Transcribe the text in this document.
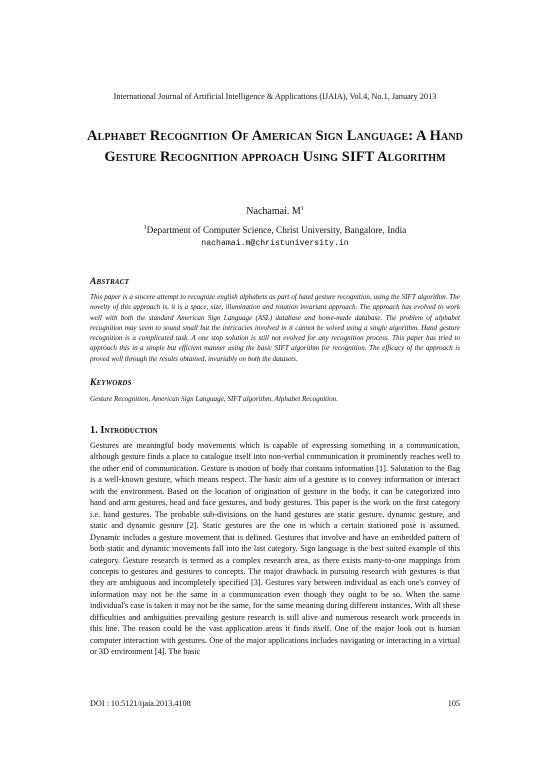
International Journal of Artificial Intelligence & Applications (IJAIA), Vol.4, No.1, January 2013
Alphabet Recognition Of American Sign Language: A Hand Gesture Recognition approach Using SIFT Algorithm
Nachamai. $M^1$
$^1$Department of Computer Science, Christ University, Bangalore, India
nachamai.m@christuniversity.in
Abstract
This paper is a sincere attempt to recognize english alphabets as part of hand gesture recognition, using the SIFT algorithm. The novelty of this approach is, it is a space, size, illumination and rotation invariant approach. The approach has evolved to work well with both the standard American Sign Language (ASL) database and home-made database. The problem of alphabet recognition may seem to sound small but the intricacies involved in it cannot be solved using a single algorithm. Hand gesture recognition is a complicated task. A one stop solution is still not evolved for any recognition process. This paper has tried to approach this in a simple but efficient manner using the basic SIFT algorithm for recognition. The efficacy of the approach is proved well through the results obtained, invariably on both the datasets.
Keywords
Gesture Recognition, American Sign Language, SIFT algorithm, Alphabet Recognition.
1. Introduction
Gestures are meaningful body movements which is capable of expressing something in a communication, although gesture finds a place to catalogue itself into non-verbal communication it prominently reaches well to the other end of communication. Gesture is motion of body that contains information [1]. Salutation to the flag is a well-known gesture, which means respect. The basic aim of a gesture is to convey information or interact with the environment. Based on the location of origination of gesture in the body, it can be categorized into hand and arm gestures, head and face gestures, and body gestures. This paper is the work on the first category i.e. hand gestures. The probable sub-divisions on the hand gestures are static gesture, dynamic gesture, and static and dynamic gesture [2]. Static gestures are the one in which a certain stationed pose is assumed. Dynamic includes a gesture movement that is defined. Gestures that involve and have an embedded pattern of both static and dynamic movements fall into the last category. Sign language is the best suited example of this category. Gesture research is termed as a complex research area, as there exists many-to-one mappings from concepts to gestures and gestures to concepts. The major drawback in pursuing research with gestures is that they are ambiguous and incompletely specified [3]. Gestures vary between individual as each one's convey of information may not be the same in a communication even though they ought to be so. When the same individual's case is taken it may not be the same, for the same meaning during different instances. With all these difficulties and ambiguities prevailing gesture research is still alive and numerous research work proceeds in this line. The reason could be the vast application areas it finds itself. One of the major look out is human computer interaction with gestures. One of the major applications includes navigating or interacting in a virtual or 3D environment [4]. The basic
DOI : 10.5121/ijaia.2013.4108	105
